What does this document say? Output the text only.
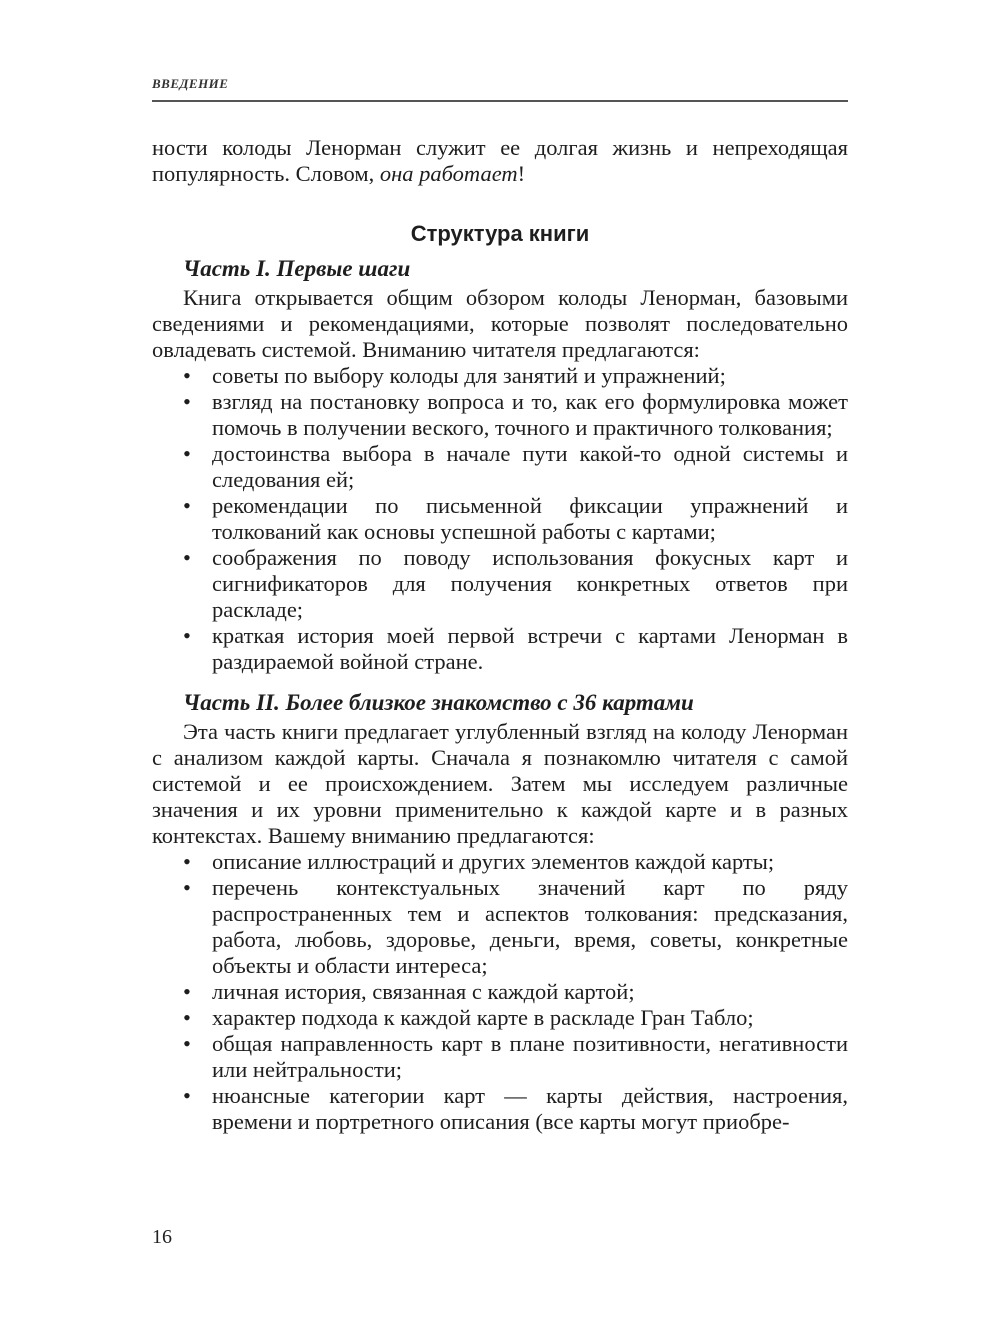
ВВЕДЕНИЕ

ности колоды Ленорман служит ее долгая жизнь и непреходящая популярность. Словом, она работает!

Структура книги
Часть I. Первые шаги

Книга открывается общим обзором колоды Ленорман, базовыми сведениями и рекомендациями, которые позволят последовательно овладевать системой. Вниманию читателя предлагаются:

• советы по выбору колоды для занятий и упражнений;
• взгляд на постановку вопроса и то, как его формулировка может помочь в получении веского, точного и практичного толкования;
• достоинства выбора в начале пути какой-то одной системы и следования ей;
• рекомендации по письменной фиксации упражнений и толкований как основы успешной работы с картами;
• соображения по поводу использования фокусных карт и сигнификаторов для получения конкретных ответов при раскладе;
• краткая история моей первой встречи с картами Ленорман в раздираемой войной стране.
Часть II. Более близкое знакомство с 36 картами

Эта часть книги предлагает углубленный взгляд на колоду Ленорман с анализом каждой карты. Сначала я познакомлю читателя с самой системой и ее происхождением. Затем мы исследуем различные значения и их уровни применительно к каждой карте и в разных контекстах. Вашему вниманию предлагаются:

• описание иллюстраций и других элементов каждой карты;
• перечень контекстуальных значений карт по ряду распространенных тем и аспектов толкования: предсказания, работа, любовь, здоровье, деньги, время, советы, конкретные объекты и области интереса;
• личная история, связанная с каждой картой;
• характер подхода к каждой карте в раскладе Гран Табло;
• общая направленность карт в плане позитивности, негативности или нейтральности;
• нюансные категории карт — карты действия, настроения, времени и портретного описания (все карты могут приобре-
16
